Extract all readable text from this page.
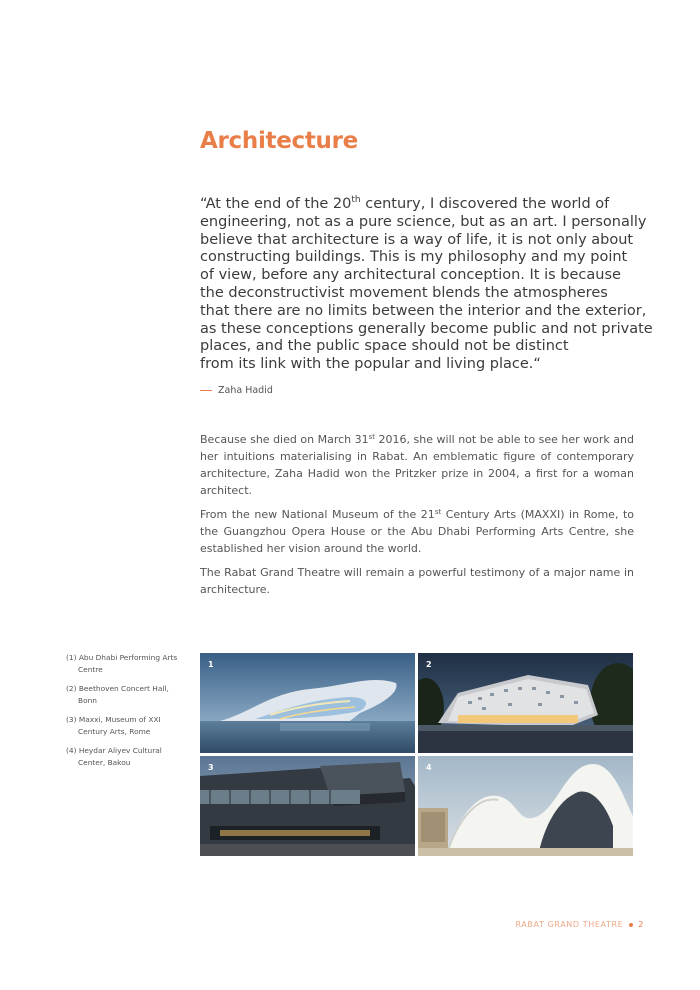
Architecture
“At the end of the 20th century, I discovered the world of
engineering, not as a pure science, but as an art. I personally
believe that architecture is a way of life, it is not only about
constructing buildings. This is my philosophy and my point
of view, before any architectural conception. It is because
the deconstructivist movement blends the atmospheres
that there are no limits between the interior and the exterior,
as these conceptions generally become public and not private
places, and the public space should not be distinct
from its link with the popular and living place.“
Zaha Hadid

Because she died on March 31st 2016, she will not be able to see her work and her intuitions materialising in Rabat. An emblematic figure of contemporary architecture, Zaha Hadid won the Pritzker prize in 2004, a first for a woman architect.

From the new National Museum of the 21st Century Arts (MAXXI) in Rome, to the Guangzhou Opera House or the Abu Dhabi Performing Arts Centre, she established her vision around the world.

The Rabat Grand Theatre will remain a powerful testimony of a major name in architecture.

(1) Abu Dhabi Performing Arts Centre
(2) Beethoven Concert Hall, Bonn
(3) Maxxi, Museum of XXI Century Arts, Rome
(4) Heydar Aliyev Cultural Center, Bakou
1	2
3	4
RABAT GRAND THEATRE 2
